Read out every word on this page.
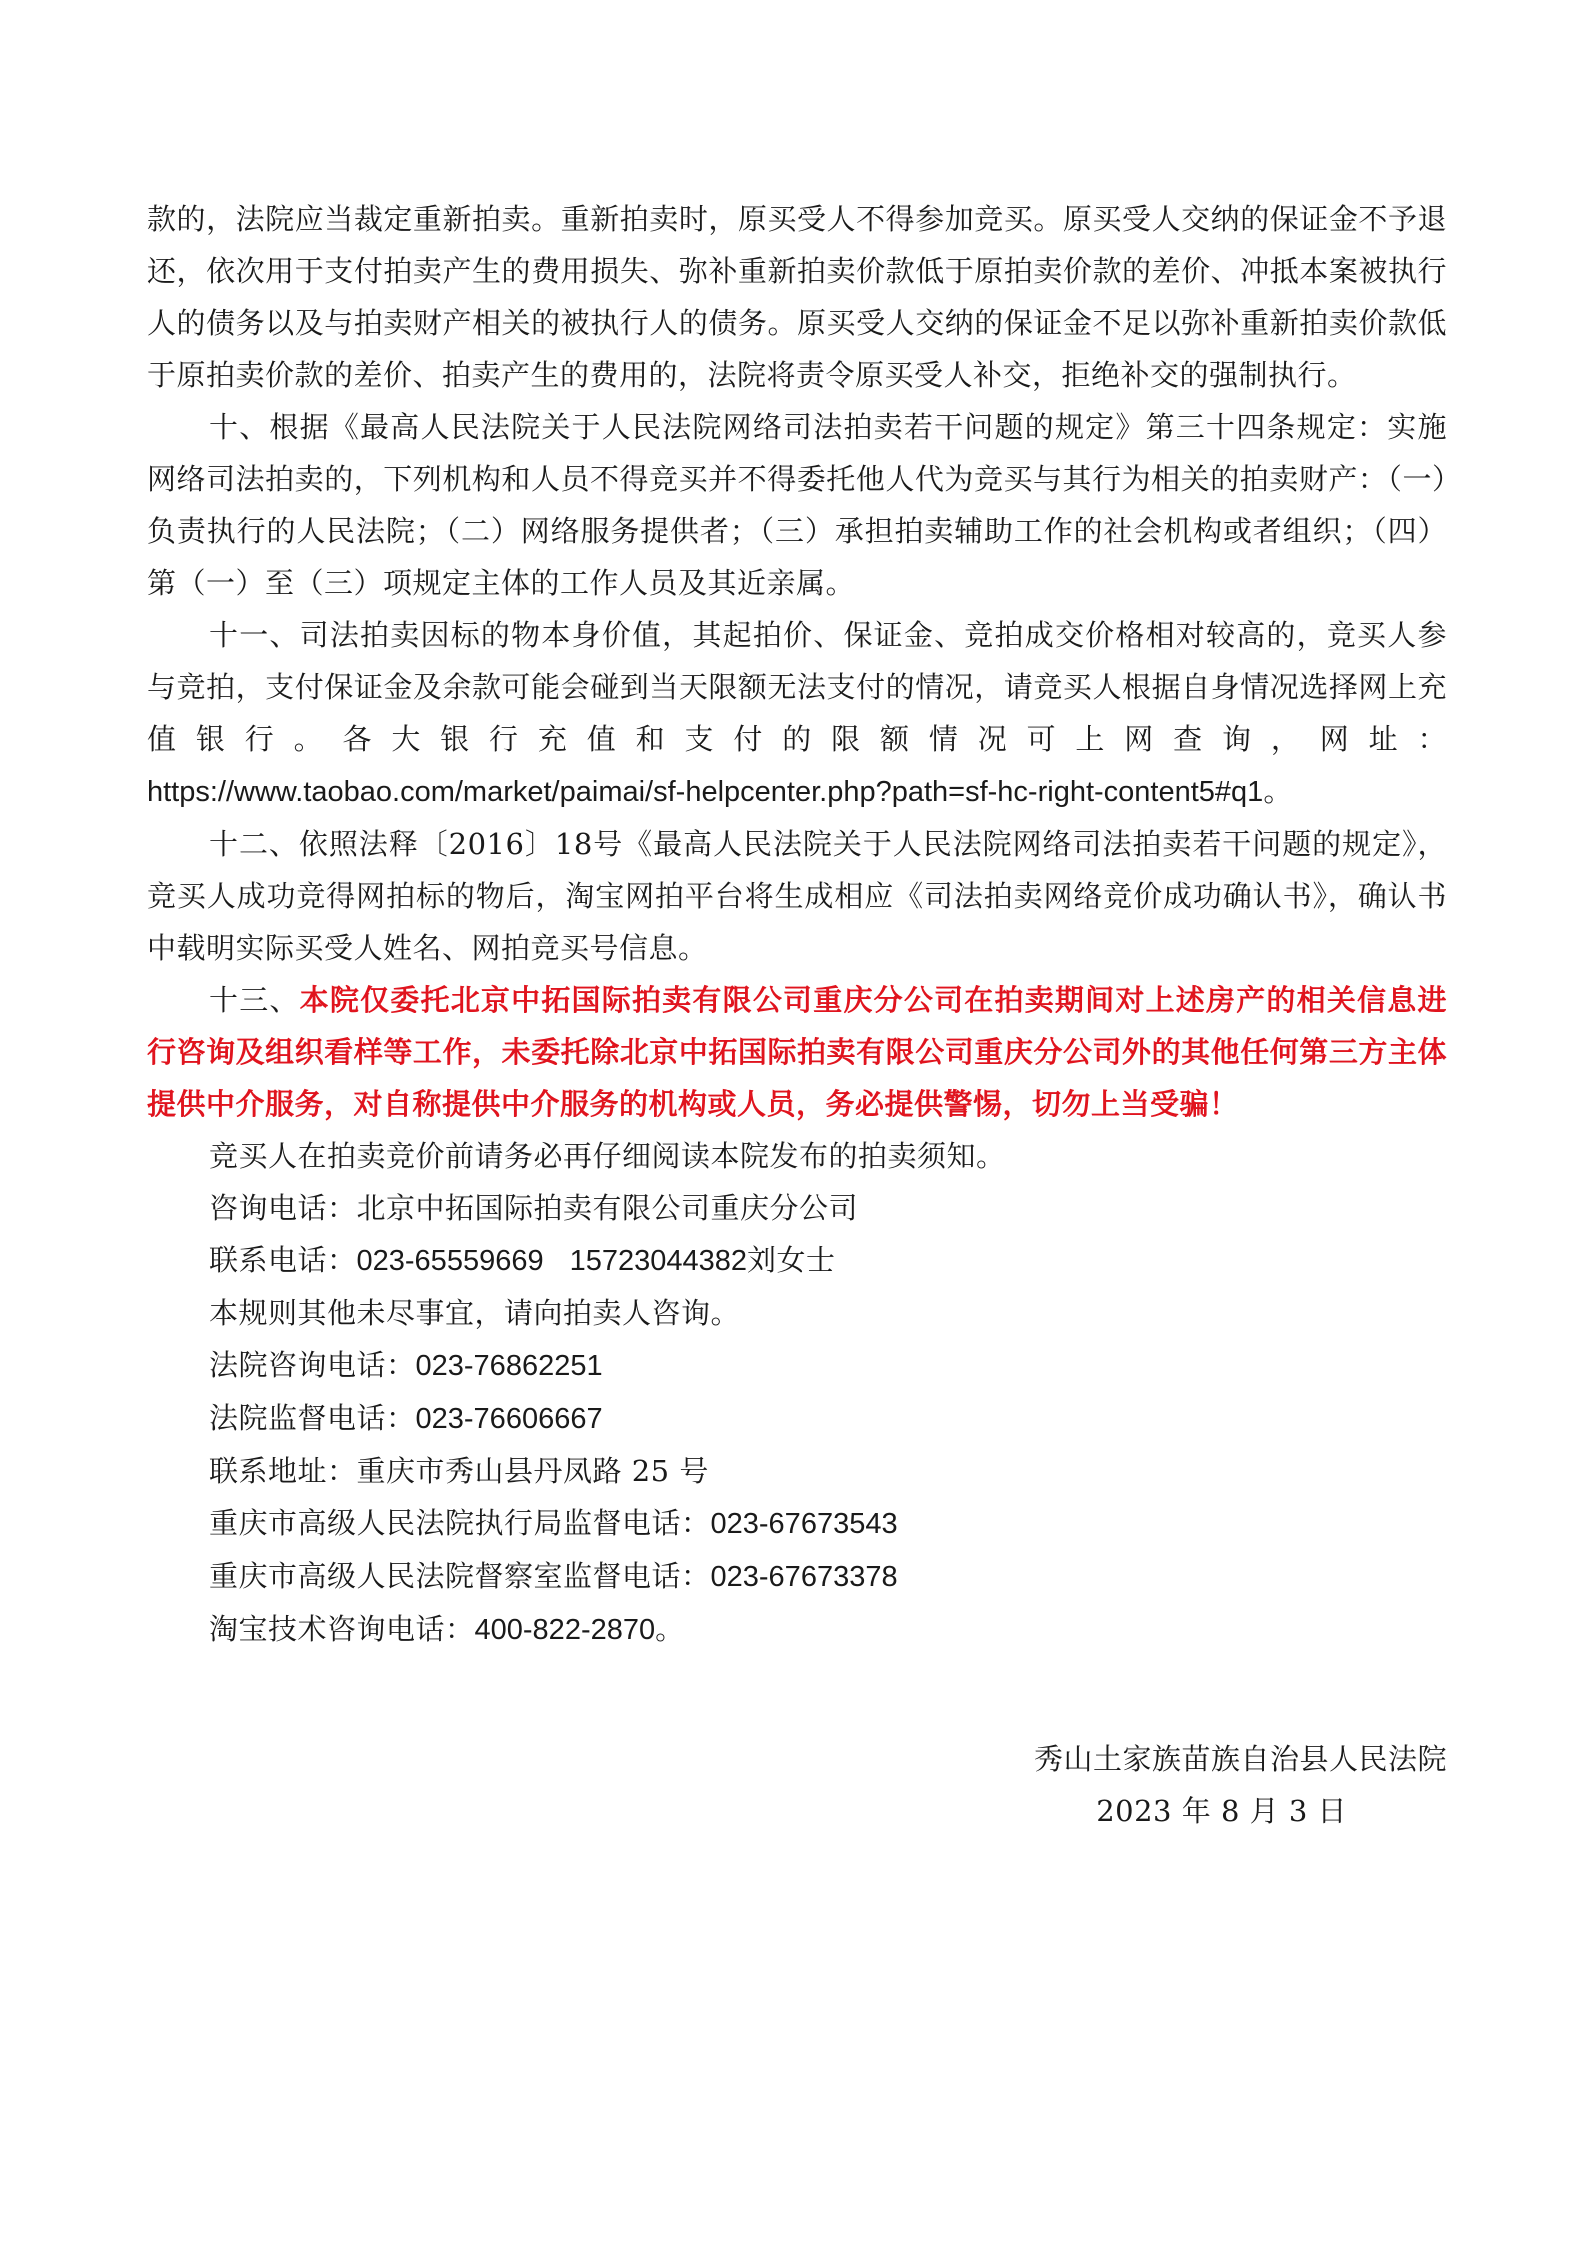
款的，法院应当裁定重新拍卖。重新拍卖时，原买受人不得参加竞买。原买受人交纳的保证金不予退还，依次用于支付拍卖产生的费用损失、弥补重新拍卖价款低于原拍卖价款的差价、冲抵本案被执行人的债务以及与拍卖财产相关的被执行人的债务。原买受人交纳的保证金不足以弥补重新拍卖价款低于原拍卖价款的差价、拍卖产生的费用的，法院将责令原买受人补交，拒绝补交的强制执行。

十、根据《最高人民法院关于人民法院网络司法拍卖若干问题的规定》第三十四条规定：实施网络司法拍卖的，下列机构和人员不得竞买并不得委托他人代为竞买与其行为相关的拍卖财产：（一）负责执行的人民法院；（二）网络服务提供者；（三）承担拍卖辅助工作的社会机构或者组织；（四）第（一）至（三）项规定主体的工作人员及其近亲属。

十一、司法拍卖因标的物本身价值，其起拍价、保证金、竞拍成交价格相对较高的，竞买人参与竞拍，支付保证金及余款可能会碰到当天限额无法支付的情况，请竞买人根据自身情况选择网上充值银行。各大银行充值和支付的限额情况可上网查询，网址：https://www.taobao.com/market/paimai/sf-helpcenter.php?path=sf-hc-right-content5#q1。

十二、依照法释〔2016〕18号《最高人民法院关于人民法院网络司法拍卖若干问题的规定》，竞买人成功竞得网拍标的物后，淘宝网拍平台将生成相应《司法拍卖网络竞价成功确认书》，确认书中载明实际买受人姓名、网拍竞买号信息。

十三、本院仅委托北京中拓国际拍卖有限公司重庆分公司在拍卖期间对上述房产的相关信息进行咨询及组织看样等工作，未委托除北京中拓国际拍卖有限公司重庆分公司外的其他任何第三方主体提供中介服务，对自称提供中介服务的机构或人员，务必提供警惕，切勿上当受骗！

竞买人在拍卖竞价前请务必再仔细阅读本院发布的拍卖须知。

咨询电话：北京中拓国际拍卖有限公司重庆分公司

联系电话：023-65559669 15723044382刘女士

本规则其他未尽事宜，请向拍卖人咨询。

法院咨询电话：023-76862251

法院监督电话：023-76606667

联系地址：重庆市秀山县丹凤路 25 号

重庆市高级人民法院执行局监督电话：023-67673543

重庆市高级人民法院督察室监督电话：023-67673378

淘宝技术咨询电话：400-822-2870。

秀山土家族苗族自治县人民法院

2023 年 8 月 3 日
